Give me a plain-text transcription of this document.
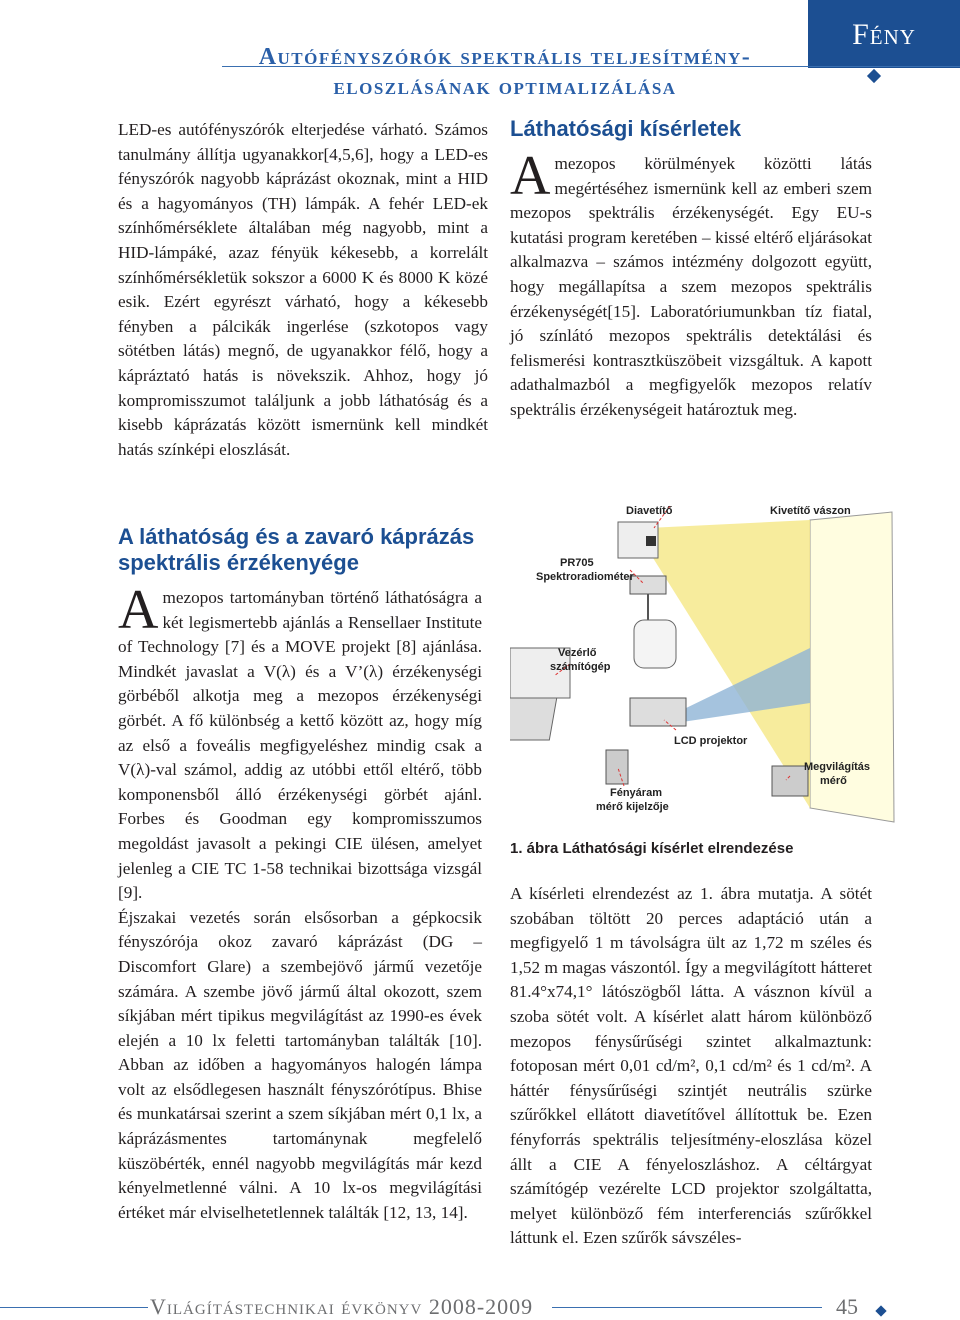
Fény
Autófényszórók spektrális teljesítmény-
eloszlásának optimalizálása

LED-es autófényszórók elterjedése várható. Számos tanulmány állítja ugyanakkor[4,5,6], hogy a LED-es fényszórók nagyobb káprázást okoznak, mint a HID és a hagyományos (TH) lámpák. A fehér LED-ek színhőmérséklete általában még nagyobb, mint a HID-lámpáké, azaz fényük kékesebb, a korrelált színhőmérsékletük sokszor a 6000 K és 8000 K közé esik. Ezért egyrészt várható, hogy a kékesebb fényben a pálcikák ingerlése (szkotopos vagy sötétben látás) megnő, de ugyanakkor félő, hogy a kápráztató hatás is növekszik. Ahhoz, hogy jó kompromisszumot találjunk a jobb láthatóság és a kisebb káprázatás között ismernünk kell mindkét hatás színképi eloszlását.

Láthatósági kísérletek

Amezopos körülmények közötti látás megértéséhez ismernünk kell az emberi szem mezopos spektrális érzékenységét. Egy EU-s kutatási program keretében – kissé eltérő eljárásokat alkalmazva – számos intézmény dolgozott együtt, hogy megállapítsa a szem mezopos spektrális érzékenységét[15]. Laboratóriumunkban tíz fiatal, jó színlátó mezopos spektrális detektálási és felismerési kontrasztküszöbeit vizsgáltuk. A kapott adathalmazból a megfigyelők mezopos relatív spektrális érzékenységeit határoztuk meg.

A láthatóság és a zavaró káprázás spektrális érzékenyége

Amezopos tartományban történő láthatóságra a két legismertebb ajánlás a Rensellaer Institute of Technology [7] és a MOVE projekt [8] ajánlása. Mindkét javaslat a V(λ) és a V’(λ) érzékenységi görbéből alkotja meg a mezopos érzékenységi görbét. A fő különbség a kettő között az, hogy míg az első a foveális megfigyeléshez mindig csak a V(λ)-val számol, addig az utóbbi ettől eltérő, több komponensből álló érzékenységi görbét ajánl. Forbes és Goodman egy kompromisszumos megoldást javasolt a pekingi CIE ülésen, amelyet jelenleg a CIE TC 1-58 technikai bizottsága vizsgál [9].

Éjszakai vezetés során elsősorban a gépkocsik fényszórója okoz zavaró káprázást (DG – Discomfort Glare) a szembejövő jármű vezetője számára. A szembe jövő jármű által okozott, szem síkjában mért tipikus megvilágítást az 1990-es évek elején a 10 lx feletti tartományban találták [10]. Abban az időben a hagyományos halogén lámpa volt az elsődlegesen használt fényszórótípus. Bhise és munkatársai szerint a szem síkjában mért 0,1 lx, a káprázásmentes tartománynak megfelelő küszöbérték, ennél nagyobb megvilágítás már kezd kényelmetlenné válni. A 10 lx-os megvilágítási értéket már elviselhetetlennek találták [12, 13, 14].

Diavetítő	Kivetítő vászon
PR705
Spektroradiométer
Vezérlő
számítógép
LCD projektor
Fényáram
mérő kijelzője
Megvilágítás
mérő
1. ábra Láthatósági kísérlet elrendezése

A kísérleti elrendezést az 1. ábra mutatja. A sötét szobában töltött 20 perces adaptáció után a megfigyelő 1 m távolságra ült az 1,72 m széles és 1,52 m magas vászontól. Így a megvilágított hátteret 81.4°x74,1° látószögből látta. A vásznon kívül a szoba sötét volt. A kísérlet alatt három különböző mezopos fénysűrűségi szintet alkalmaztunk: fotoposan mért 0,01 cd/m², 0,1 cd/m² és 1 cd/m². A háttér fénysűrűségi szintjét neutrális szürke szűrőkkel ellátott diavetítővel állítottuk be. Ezen fényforrás spektrális teljesítmény-eloszlása közel állt a CIE A fényeloszláshoz. A céltárgyat számítógép vezérelte LCD projektor szolgáltatta, melyet különböző fém interferenciás szűrőkkel láttunk el. Ezen szűrők sávszéles-

Világítástechnikai évkönyv 2008-2009	45
